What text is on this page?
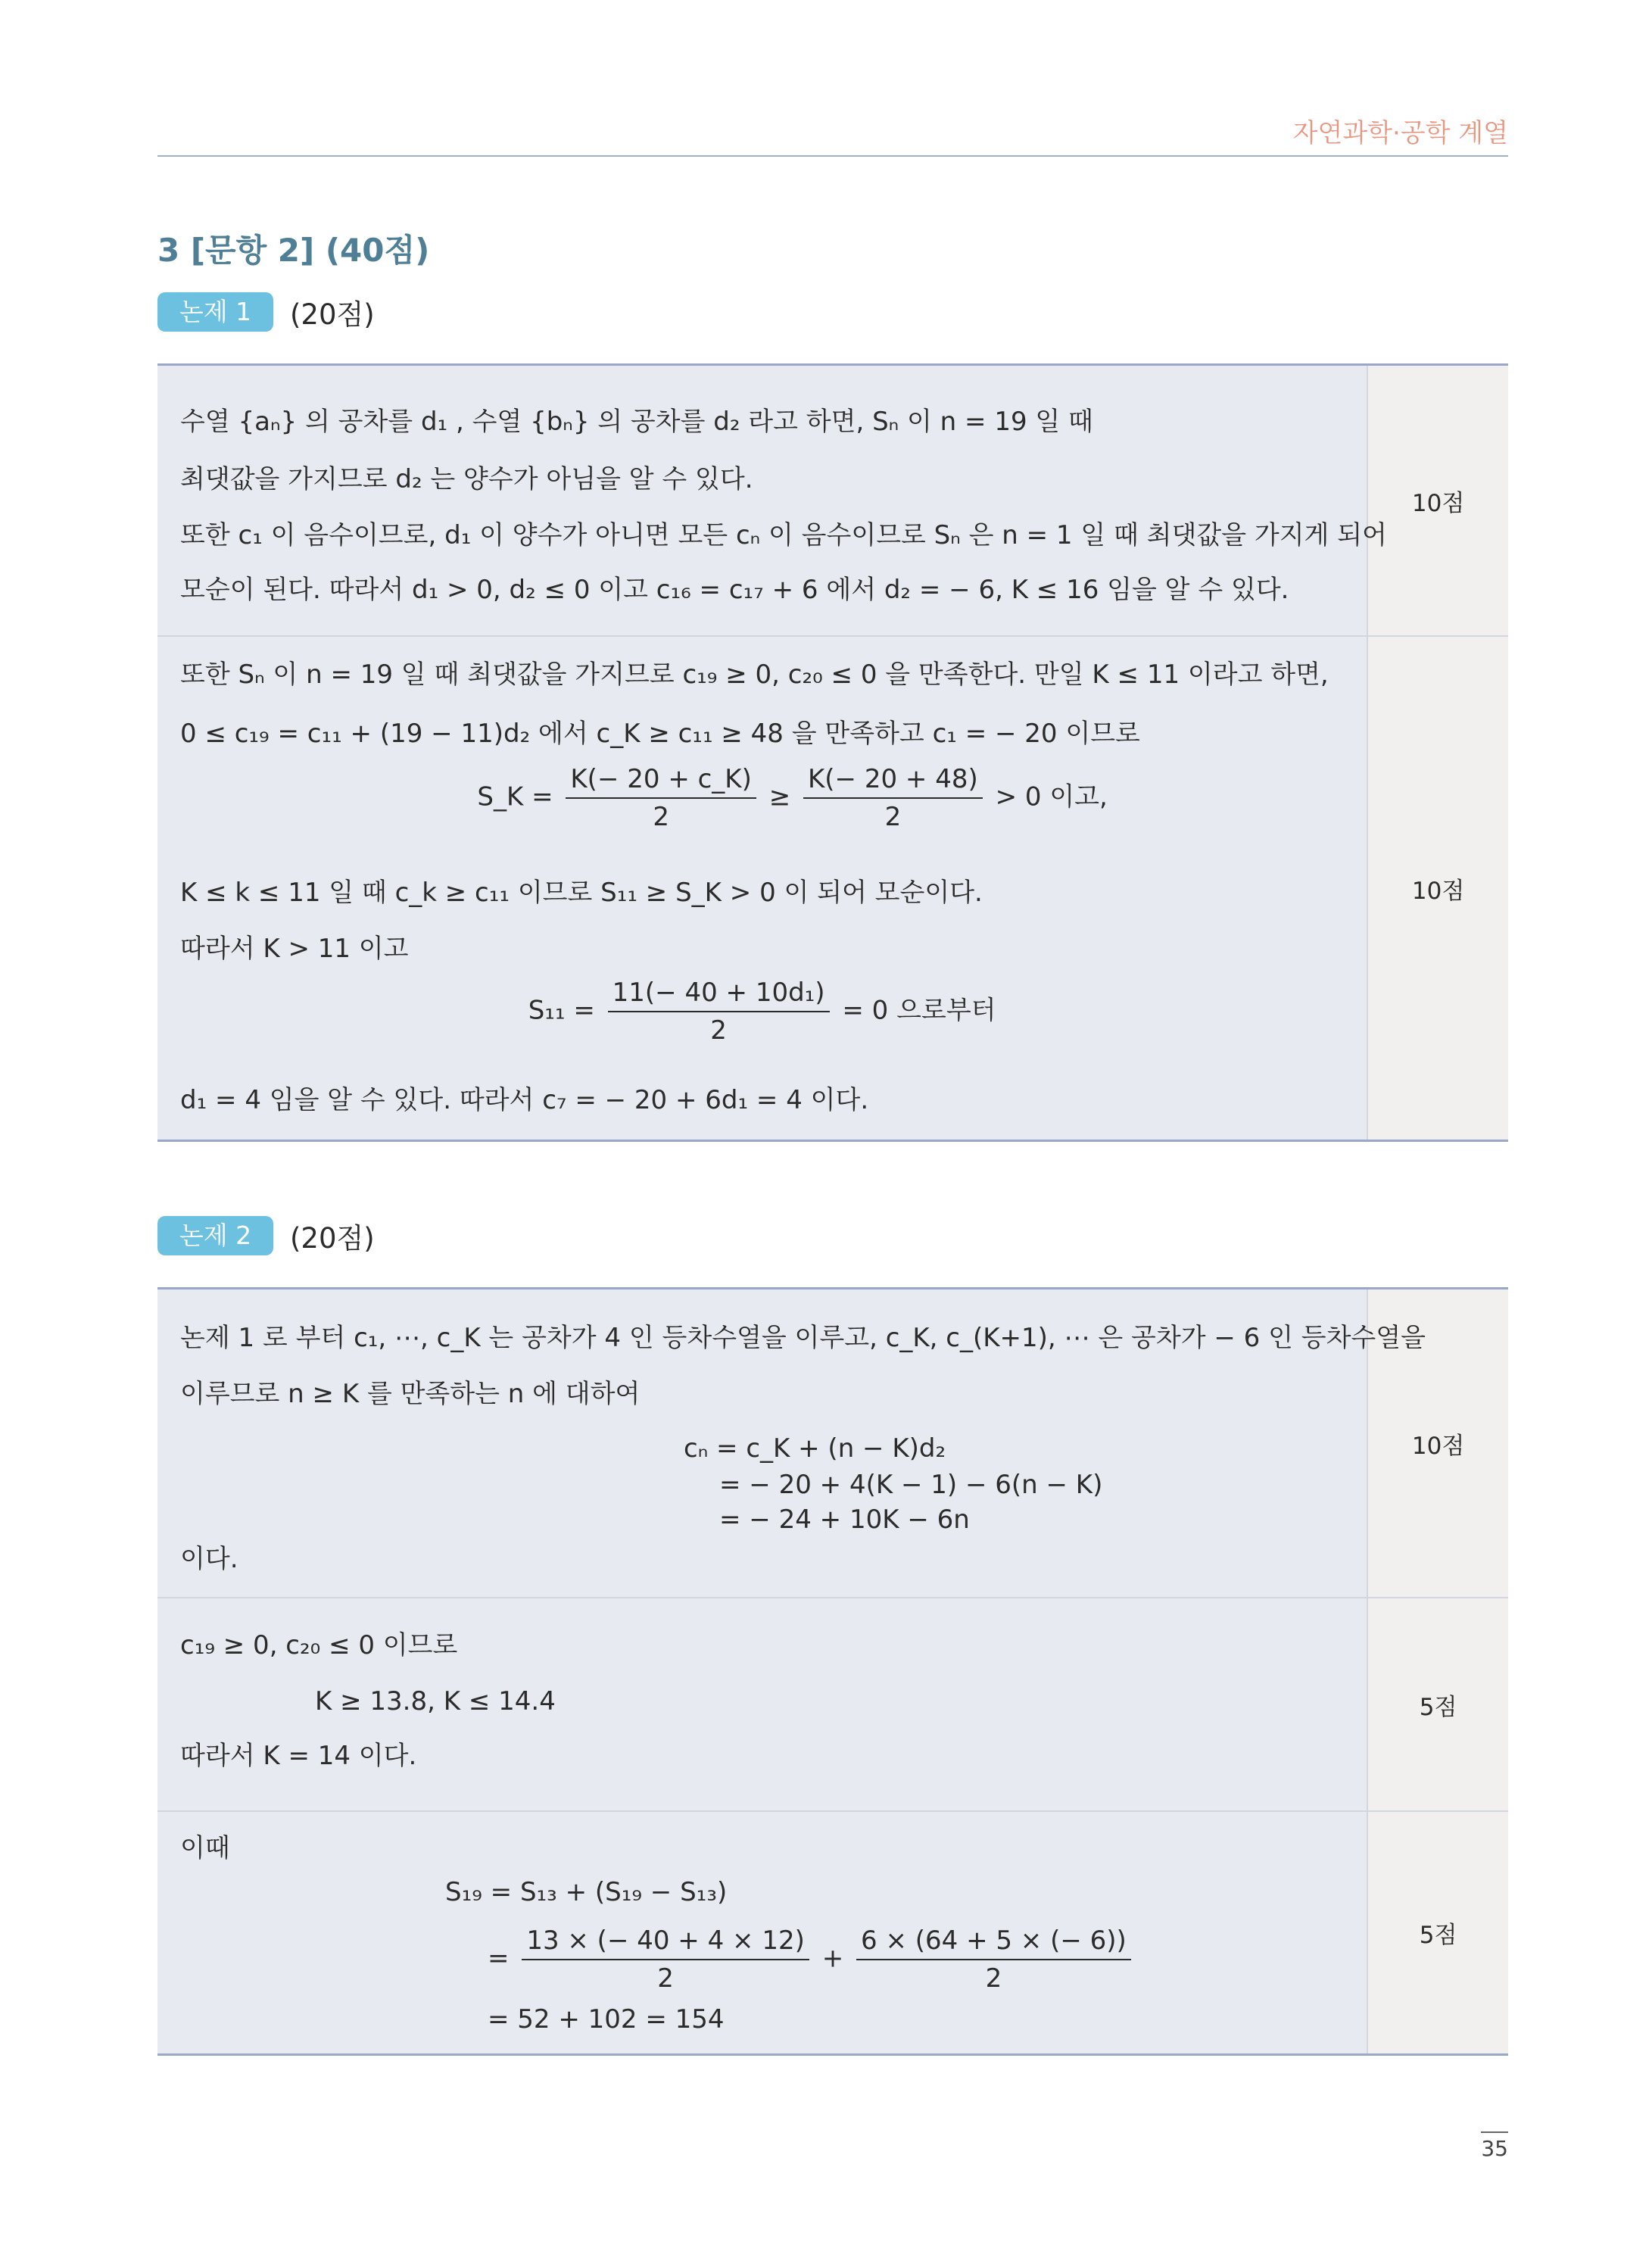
자연과학·공학 계열
3 [문항 2] (40점)
논제 1	(20점)
수열 {aₙ} 의 공차를 d₁ , 수열 {bₙ} 의 공차를 d₂ 라고 하면, Sₙ 이 n = 19 일 때
최댓값을 가지므로 d₂ 는 양수가 아님을 알 수 있다.
또한 c₁ 이 음수이므로, d₁ 이 양수가 아니면 모든 cₙ 이 음수이므로 Sₙ 은 n = 1 일 때 최댓값을 가지게 되어
모순이 된다. 따라서 d₁ > 0, d₂ ≤ 0 이고 c₁₆ = c₁₇ + 6 에서 d₂ = − 6, K ≤ 16 임을 알 수 있다.
10점
또한 Sₙ 이 n = 19 일 때 최댓값을 가지므로 c₁₉ ≥ 0, c₂₀ ≤ 0 을 만족한다. 만일 K ≤ 11 이라고 하면,
0 ≤ c₁₉ = c₁₁ + (19 − 11)d₂ 에서 c_K ≥ c₁₁ ≥ 48 을 만족하고 c₁ = − 20 이므로
S_K = $\frac{K(- 20 + c\_K)}{2} \ge \frac{K(- 20 + 48)}{2} > 0$ 이고,
K ≤ k ≤ 11 일 때 c_k ≥ c₁₁ 이므로 S₁₁ ≥ S_K > 0 이 되어 모순이다.
따라서 K > 11 이고
$S_{11} = \frac{\text{11(− 40 + 10d₁)}}{2} = 0$ 으로부터
d₁ = 4 임을 알 수 있다. 따라서 c₇ = − 20 + 6d₁ = 4 이다.
10점
논제 2	(20점)
논제 1 로 부터 c₁, ⋯, c_K 는 공차가 4 인 등차수열을 이루고, c_K, c_(K+1), ⋯ 은 공차가 − 6 인 등차수열을
이루므로 n ≥ K 를 만족하는 n 에 대하여
cₙ = c_K + (n − K)d₂
= − 20 + 4(K − 1) − 6(n − K)
= − 24 + 10K − 6n
이다.
10점
c₁₉ ≥ 0, c₂₀ ≤ 0 이므로
K ≥ 13.8, K ≤ 14.4
따라서 K = 14 이다.
5점
이때
S₁₉ = S₁₃ + (S₁₉ − S₁₃)
= $\frac{13 \times (- 40 + 4 \times 12)}{2} + \frac{6 \times (64 + 5 \times (- 6))}{2}$
= 52 + 102 = 154
5점
35
